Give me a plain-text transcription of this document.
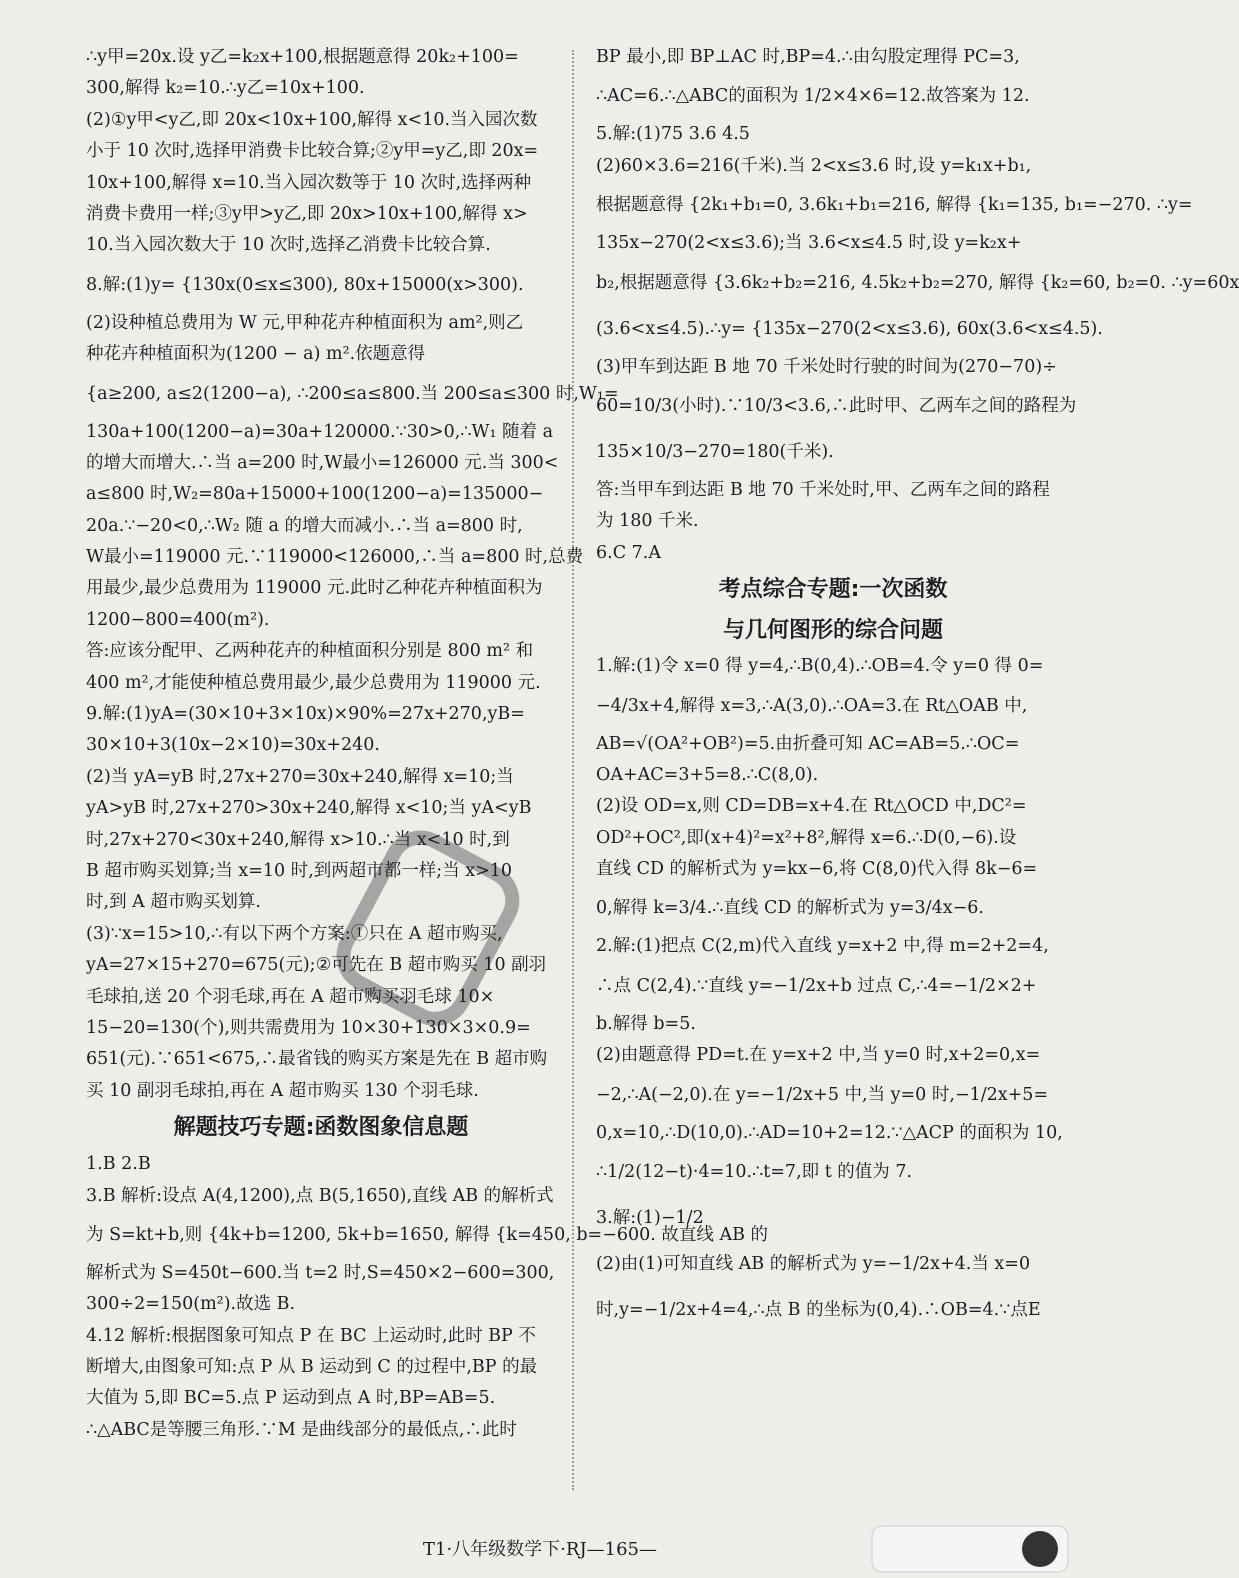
∴y甲=20x.设 y乙=k₂x+100,根据题意得 20k₂+100=
300,解得 k₂=10.∴y乙=10x+100.
(2)①y甲<y乙,即 20x<10x+100,解得 x<10.当入园次数
小于 10 次时,选择甲消费卡比较合算;②y甲=y乙,即 20x=
10x+100,解得 x=10.当入园次数等于 10 次时,选择两种
消费卡费用一样;③y甲>y乙,即 20x>10x+100,解得 x>
10.当入园次数大于 10 次时,选择乙消费卡比较合算.
8.解:(1)y= {130x(0≤x≤300), 80x+15000(x>300).
(2)设种植总费用为 W 元,甲种花卉种植面积为 am²,则乙
种花卉种植面积为(1200 − a) m².依题意得
{a≥200, a≤2(1200−a), ∴200≤a≤800.当 200≤a≤300 时,W₁=
130a+100(1200−a)=30a+120000.∵30>0,∴W₁ 随着 a
的增大而增大.∴当 a=200 时,W最小=126000 元.当 300<
a≤800 时,W₂=80a+15000+100(1200−a)=135000−
20a.∵−20<0,∴W₂ 随 a 的增大而减小.∴当 a=800 时,
W最小=119000 元.∵119000<126000,∴当 a=800 时,总费
用最少,最少总费用为 119000 元.此时乙种花卉种植面积为
1200−800=400(m²).
答:应该分配甲、乙两种花卉的种植面积分别是 800 m² 和
400 m²,才能使种植总费用最少,最少总费用为 119000 元.
9.解:(1)yA=(30×10+3×10x)×90%=27x+270,yB=
30×10+3(10x−2×10)=30x+240.
(2)当 yA=yB 时,27x+270=30x+240,解得 x=10;当
yA>yB 时,27x+270>30x+240,解得 x<10;当 yA<yB
时,27x+270<30x+240,解得 x>10.∴当 x<10 时,到
B 超市购买划算;当 x=10 时,到两超市都一样;当 x>10
时,到 A 超市购买划算.
(3)∵x=15>10,∴有以下两个方案:①只在 A 超市购买,
yA=27×15+270=675(元);②可先在 B 超市购买 10 副羽
毛球拍,送 20 个羽毛球,再在 A 超市购买羽毛球 10×
15−20=130(个),则共需费用为 10×30+130×3×0.9=
651(元).∵651<675,∴最省钱的购买方案是先在 B 超市购
买 10 副羽毛球拍,再在 A 超市购买 130 个羽毛球.
解题技巧专题:函数图象信息题
1.B 2.B
3.B 解析:设点 A(4,1200),点 B(5,1650),直线 AB 的解析式
为 S=kt+b,则 {4k+b=1200, 5k+b=1650, 解得 {k=450, b=−600. 故直线 AB 的
解析式为 S=450t−600.当 t=2 时,S=450×2−600=300,
300÷2=150(m²).故选 B.
4.12 解析:根据图象可知点 P 在 BC 上运动时,此时 BP 不
断增大,由图象可知:点 P 从 B 运动到 C 的过程中,BP 的最
大值为 5,即 BC=5.点 P 运动到点 A 时,BP=AB=5.
∴△ABC是等腰三角形.∵M 是曲线部分的最低点,∴此时
BP 最小,即 BP⊥AC 时,BP=4.∴由勾股定理得 PC=3,
∴AC=6.∴△ABC的面积为 1/2×4×6=12.故答案为 12.
5.解:(1)75 3.6 4.5
(2)60×3.6=216(千米).当 2<x≤3.6 时,设 y=k₁x+b₁,
根据题意得 {2k₁+b₁=0, 3.6k₁+b₁=216, 解得 {k₁=135, b₁=−270. ∴y=
135x−270(2<x≤3.6);当 3.6<x≤4.5 时,设 y=k₂x+
b₂,根据题意得 {3.6k₂+b₂=216, 4.5k₂+b₂=270, 解得 {k₂=60, b₂=0. ∴y=60x
(3.6<x≤4.5).∴y= {135x−270(2<x≤3.6), 60x(3.6<x≤4.5).
(3)甲车到达距 B 地 70 千米处时行驶的时间为(270−70)÷
60=10/3(小时).∵10/3<3.6,∴此时甲、乙两车之间的路程为
135×10/3−270=180(千米).
答:当甲车到达距 B 地 70 千米处时,甲、乙两车之间的路程
为 180 千米.
6.C 7.A
考点综合专题:一次函数
与几何图形的综合问题
1.解:(1)令 x=0 得 y=4,∴B(0,4).∴OB=4.令 y=0 得 0=
−4/3x+4,解得 x=3,∴A(3,0).∴OA=3.在 Rt△OAB 中,
AB=√(OA²+OB²)=5.由折叠可知 AC=AB=5.∴OC=
OA+AC=3+5=8.∴C(8,0).
(2)设 OD=x,则 CD=DB=x+4.在 Rt△OCD 中,DC²=
OD²+OC²,即(x+4)²=x²+8²,解得 x=6.∴D(0,−6).设
直线 CD 的解析式为 y=kx−6,将 C(8,0)代入得 8k−6=
0,解得 k=3/4.∴直线 CD 的解析式为 y=3/4x−6.
2.解:(1)把点 C(2,m)代入直线 y=x+2 中,得 m=2+2=4,
∴点 C(2,4).∵直线 y=−1/2x+b 过点 C,∴4=−1/2×2+
b.解得 b=5.
(2)由题意得 PD=t.在 y=x+2 中,当 y=0 时,x+2=0,x=
−2,∴A(−2,0).在 y=−1/2x+5 中,当 y=0 时,−1/2x+5=
0,x=10,∴D(10,0).∴AD=10+2=12.∵△ACP 的面积为 10,
∴1/2(12−t)·4=10.∴t=7,即 t 的值为 7.
3.解:(1)−1/2
(2)由(1)可知直线 AB 的解析式为 y=−1/2x+4.当 x=0
时,y=−1/2x+4=4,∴点 B 的坐标为(0,4).∴OB=4.∵点E
T1·八年级数学下·RJ—165—
